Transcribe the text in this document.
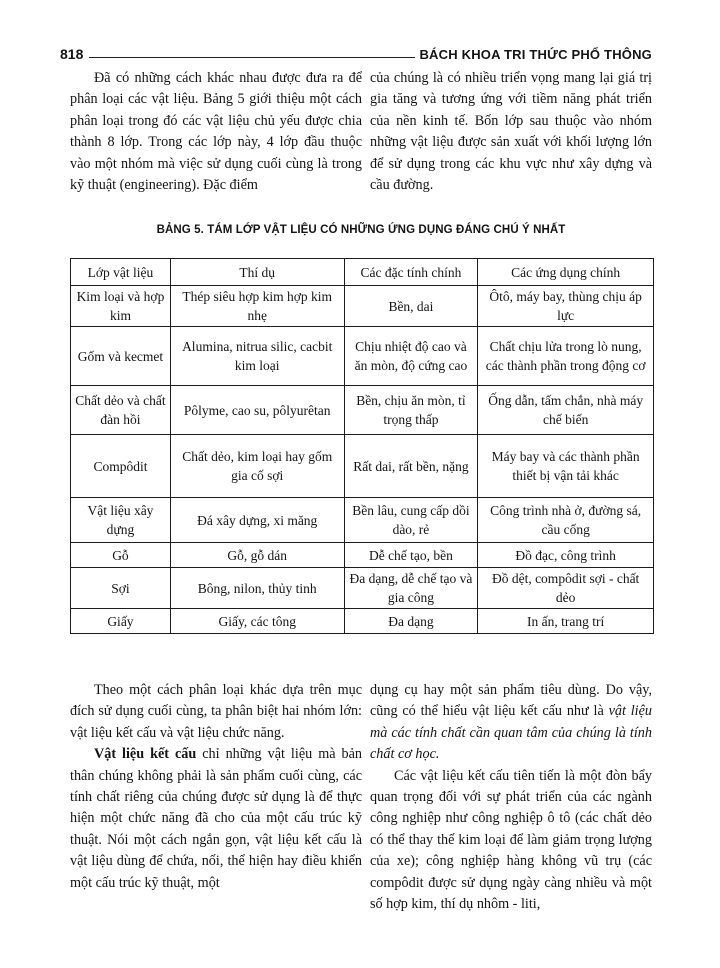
818	BÁCH KHOA TRI THỨC PHỔ THÔNG

Đã có những cách khác nhau được đưa ra để phân loại các vật liệu. Bảng 5 giới thiệu một cách phân loại trong đó các vật liệu chủ yếu được chia thành 8 lớp. Trong các lớp này, 4 lớp đầu thuộc vào một nhóm mà việc sử dụng cuối cùng là trong kỹ thuật (engineering). Đặc điểm

của chúng là có nhiều triển vọng mang lại giá trị gia tăng và tương ứng với tiềm năng phát triển của nền kinh tế. Bốn lớp sau thuộc vào nhóm những vật liệu được sản xuất với khối lượng lớn để sử dụng trong các khu vực như xây dựng và cầu đường.

BẢNG 5. TÁM LỚP VẬT LIỆU CÓ NHỮNG ỨNG DỤNG ĐÁNG CHÚ Ý NHẤT
Lớp vật liệu	Thí dụ	Các đặc tính chính	Các ứng dụng chính
Kim loại và hợp kim	Thép siêu hợp kim hợp kim nhẹ	Bền, dai	Ôtô, máy bay, thùng chịu áp lực
Gốm và kecmet	Alumina, nitrua silic, cacbit kim loại	Chịu nhiệt độ cao và ăn mòn, độ cứng cao	Chất chịu lửa trong lò nung, các thành phần trong động cơ
Chất dẻo và chất đàn hồi	Pôlyme, cao su, pôlyurêtan	Bền, chịu ăn mòn, tỉ trọng thấp	Ống dẫn, tấm chắn, nhà máy chế biến
Compôdit	Chất dẻo, kim loại hay gốm gia cố sợi	Rất dai, rất bền, nặng	Máy bay và các thành phần thiết bị vận tải khác
Vật liệu xây dựng	Đá xây dựng, xi măng	Bền lâu, cung cấp dồi dào, rẻ	Công trình nhà ở, đường sá, cầu cống
Gỗ	Gỗ, gỗ dán	Dễ chế tạo, bền	Đồ đạc, công trình
Sợi	Bông, nilon, thủy tinh	Đa dạng, dễ chế tạo và gia công	Đồ dệt, compôdit sợi - chất dẻo
Giấy	Giấy, các tông	Đa dạng	In ấn, trang trí

Theo một cách phân loại khác dựa trên mục đích sử dụng cuối cùng, ta phân biệt hai nhóm lớn: vật liệu kết cấu và vật liệu chức năng.

Vật liệu kết cấu chỉ những vật liệu mà bản thân chúng không phải là sản phẩm cuối cùng, các tính chất riêng của chúng được sử dụng là để thực hiện một chức năng đã cho của một cấu trúc kỹ thuật. Nói một cách ngắn gọn, vật liệu kết cấu là vật liệu dùng để chứa, nối, thể hiện hay điều khiển một cấu trúc kỹ thuật, một

dụng cụ hay một sản phẩm tiêu dùng. Do vậy, cũng có thể hiểu vật liệu kết cấu như là vật liệu mà các tính chất cần quan tâm của chúng là tính chất cơ học.

Các vật liệu kết cấu tiên tiến là một đòn bẩy quan trọng đối với sự phát triển của các ngành công nghiệp như công nghiệp ô tô (các chất dẻo có thể thay thế kim loại để làm giảm trọng lượng của xe); công nghiệp hàng không vũ trụ (các compôdit được sử dụng ngày càng nhiều và một số hợp kim, thí dụ nhôm - liti,
